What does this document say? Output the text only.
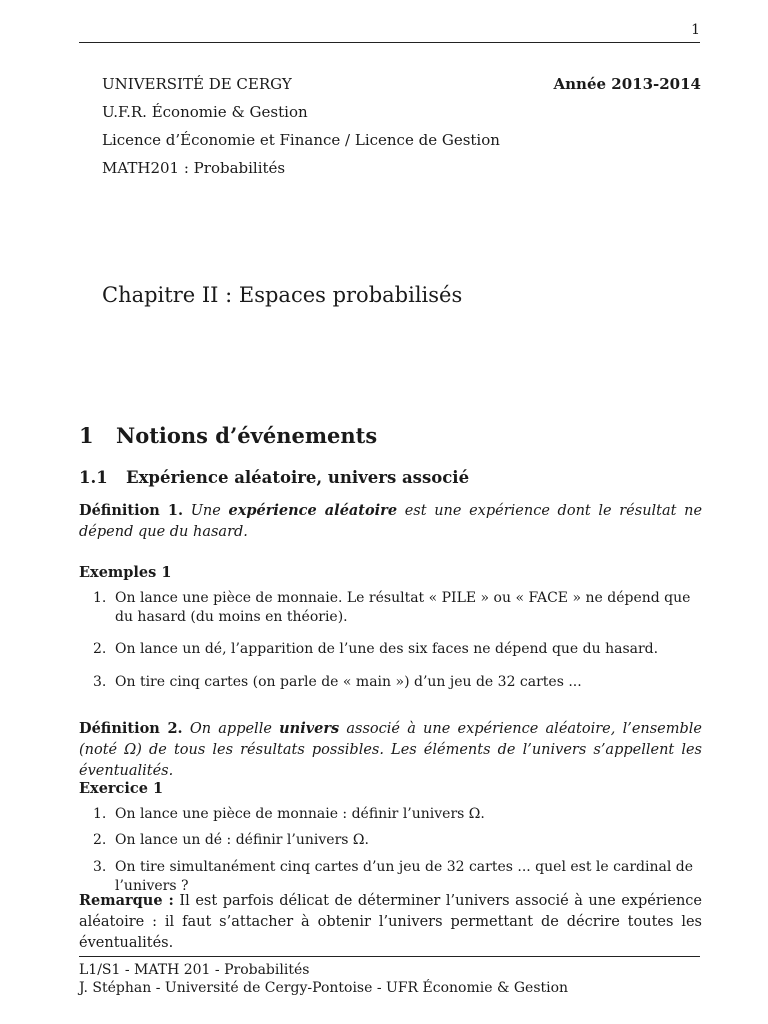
1
UNIVERSITÉ DE CERGY
U.F.R. Économie & Gestion
Licence d’Économie et Finance / Licence de Gestion
MATH201 : Probabilités
Année 2013-2014
Chapitre II : Espaces probabilisés
1 Notions d’événements
1.1 Expérience aléatoire, univers associé
Définition 1. Une expérience aléatoire est une expérience dont le résultat ne dépend que du hasard.
Exemples 1
1. On lance une pièce de monnaie. Le résultat « PILE » ou « FACE » ne dépend que du hasard (du moins en théorie).
2. On lance un dé, l’apparition de l’une des six faces ne dépend que du hasard.
3. On tire cinq cartes (on parle de « main ») d’un jeu de 32 cartes ...
Définition 2. On appelle univers associé à une expérience aléatoire, l’ensemble (noté Ω) de tous les résultats possibles. Les éléments de l’univers s’appellent les éventualités.
Exercice 1
1. On lance une pièce de monnaie : définir l’univers Ω.
2. On lance un dé : définir l’univers Ω.
3. On tire simultanément cinq cartes d’un jeu de 32 cartes ... quel est le cardinal de l’univers ?
Remarque : Il est parfois délicat de déterminer l’univers associé à une expérience aléatoire : il faut s’attacher à obtenir l’univers permettant de décrire toutes les éventualités.
L1/S1 - MATH 201 - Probabilités
J. Stéphan - Université de Cergy-Pontoise - UFR Économie & Gestion
